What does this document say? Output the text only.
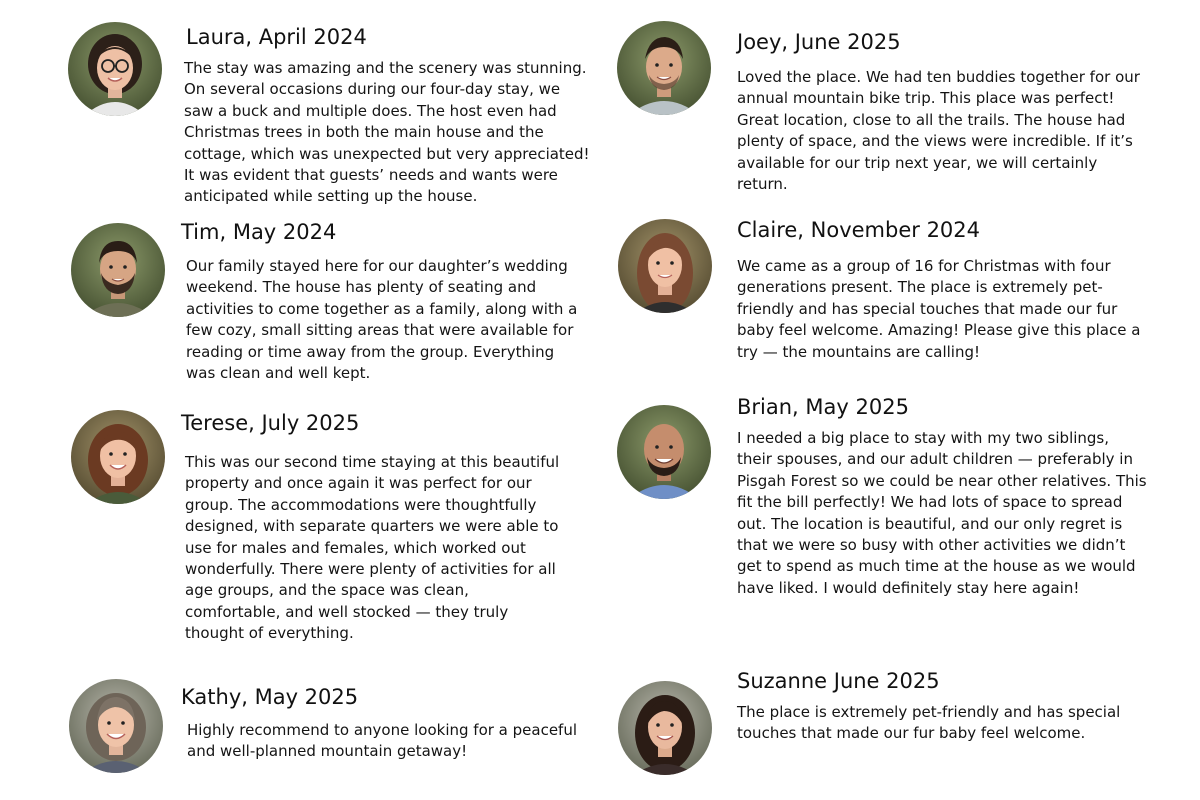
Laura, April 2024
The stay was amazing and the scenery was stunning. On several occasions during our four-day stay, we saw a buck and multiple does. The host even had Christmas trees in both the main house and the cottage, which was unexpected but very appreciated! It was evident that guests’ needs and wants were anticipated while setting up the house.
Tim, May 2024
Our family stayed here for our daughter’s wedding weekend. The house has plenty of seating and activities to come together as a family, along with a few cozy, small sitting areas that were available for reading or time away from the group. Everything was clean and well kept.
Terese, July 2025
This was our second time staying at this beautiful property and once again it was perfect for our group. The accommodations were thoughtfully designed, with separate quarters we were able to use for males and females, which worked out wonderfully. There were plenty of activities for all age groups, and the space was clean, comfortable, and well stocked — they truly thought of everything.
Kathy, May 2025
Highly recommend to anyone looking for a peaceful and well-planned mountain getaway!
Joey, June 2025
Loved the place. We had ten buddies together for our annual mountain bike trip. This place was perfect! Great location, close to all the trails. The house had plenty of space, and the views were incredible. If it’s available for our trip next year, we will certainly return.
Claire, November 2024
We came as a group of 16 for Christmas with four generations present. The place is extremely pet-friendly and has special touches that made our fur baby feel welcome. Amazing! Please give this place a try — the mountains are calling!
Brian, May 2025
I needed a big place to stay with my two siblings, their spouses, and our adult children — preferably in Pisgah Forest so we could be near other relatives. This fit the bill perfectly! We had lots of space to spread out. The location is beautiful, and our only regret is that we were so busy with other activities we didn’t get to spend as much time at the house as we would have liked. I would definitely stay here again!
Suzanne June 2025
The place is extremely pet-friendly and has special touches that made our fur baby feel welcome.
